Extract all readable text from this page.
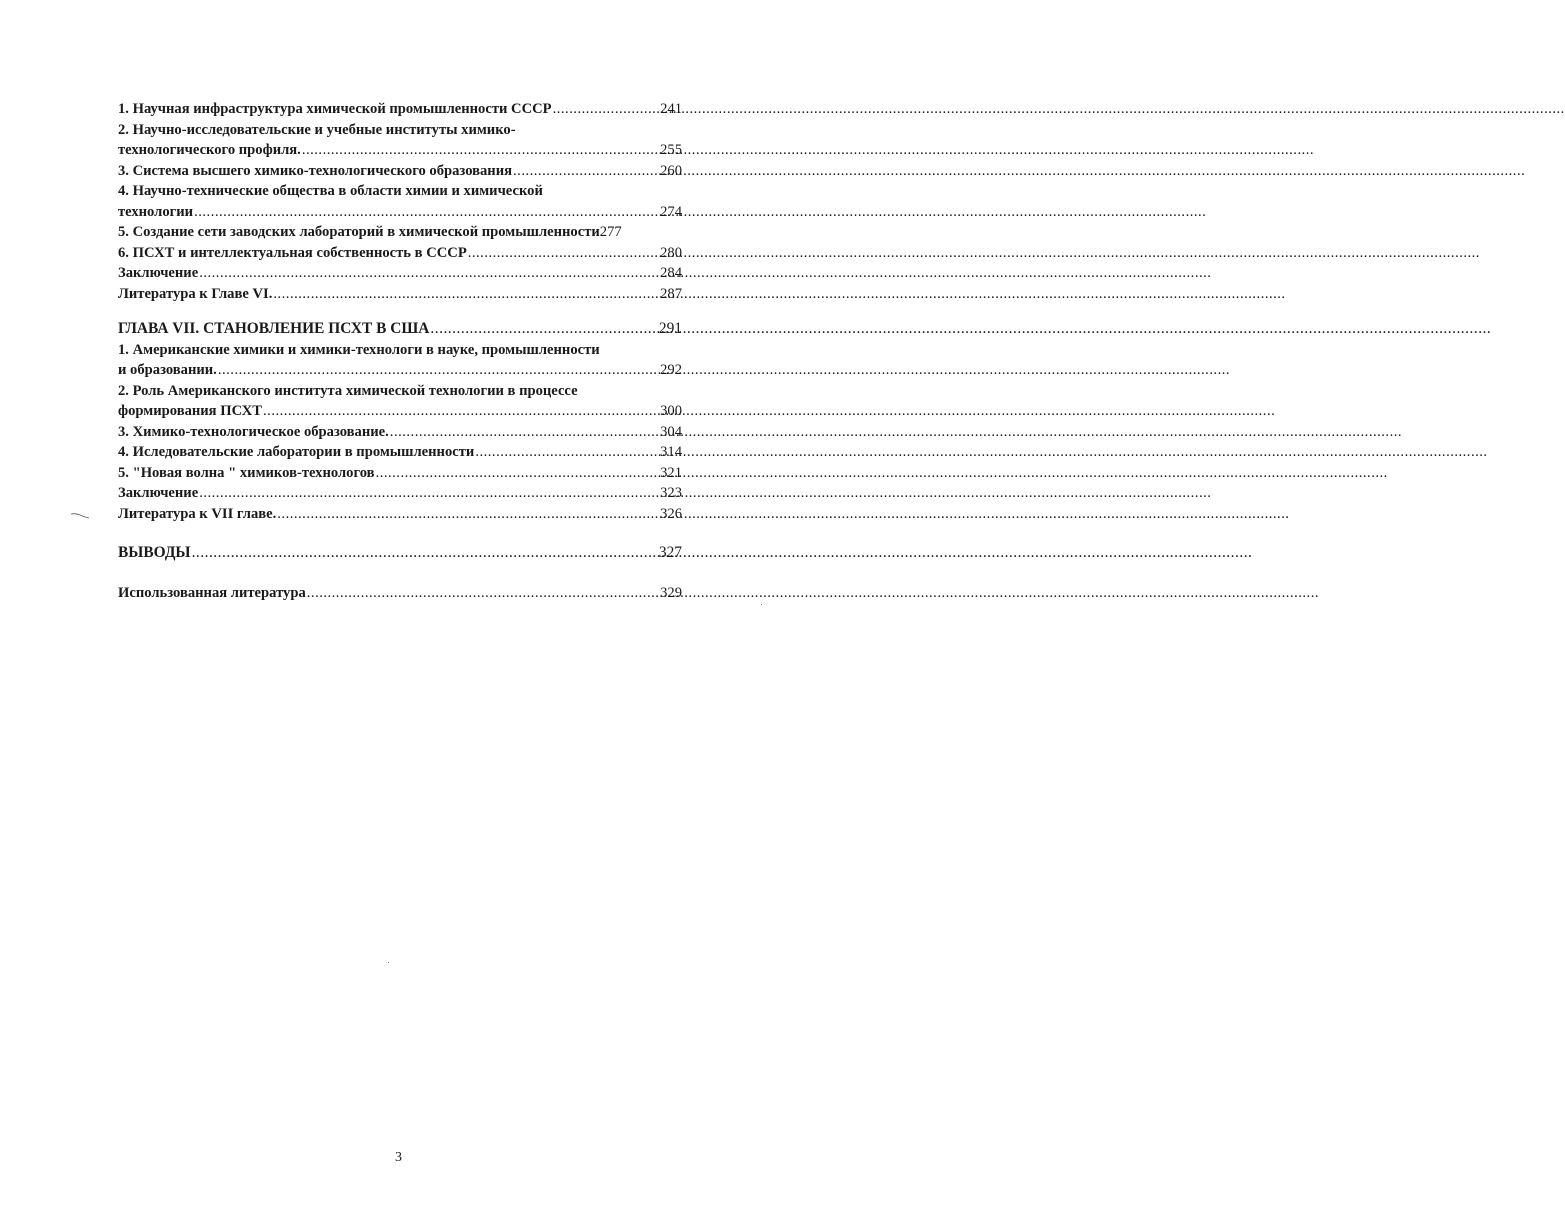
1. Научная инфраструктура химической промышленности СССР .....	241
2. Научно-исследовательские и учебные институты химико-
технологического профиля. .....	255
3. Система высшего химико-технологического образования .....	260
4. Научно-технические общества в области химии и химической
технологии .....	274
5. Создание сети заводских лабораторий в химической промышленности 277
6. ПСХТ и интеллектуальная собственность в СССР .....	280
Заключение .....	284
Литература к Главе VI. .....	287
ГЛАВА VII. СТАНОВЛЕНИЕ ПСХТ В США .....	291
1. Американские химики и химики-технологи в науке, промышленности
и образовании. .....	292
2. Роль Американского института химической технологии в процессе
формирования ПСХТ .....	300
3. Химико-технологическое образование. .....	304
4. Иcледовательские лаборатории в промышленности .....	314
5. "Новая волна " химиков-технологов .....	321
Заключение .....	323
Литература к VII главе. .....	326
ВЫВОДЫ .....	327
Использованная литература .....	329
3
